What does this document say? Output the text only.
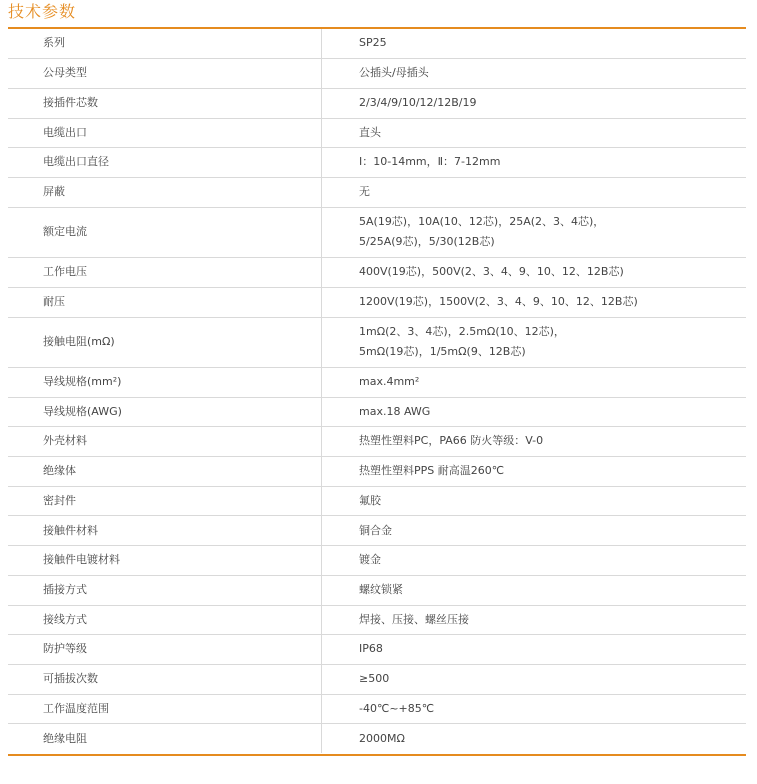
技术参数
系列	SP25

公母类型	公插头/母插头

接插件芯数	2/3/4/9/10/12/12B/19

电缆出口	直头

电缆出口直径	Ⅰ：10-14mm，Ⅱ：7-12mm

屏蔽	无

额定电流	5A(19芯)，10A(10、12芯)，25A(2、3、4芯)，
5/25A(9芯)，5/30(12B芯)

工作电压	400V(19芯)，500V(2、3、4、9、10、12、12B芯)

耐压	1200V(19芯)，1500V(2、3、4、9、10、12、12B芯)

接触电阻(mΩ)	1mΩ(2、3、4芯)，2.5mΩ(10、12芯)，
5mΩ(19芯)，1/5mΩ(9、12B芯)

导线规格(mm²)	max.4mm²

导线规格(AWG)	max.18 AWG

外壳材料	热塑性塑料PC，PA66 防火等级：V-0

绝缘体	热塑性塑料PPS 耐高温260℃

密封件	氟胶

接触件材料	铜合金

接触件电镀材料	镀金

插接方式	螺纹锁紧

接线方式	焊接、压接、螺丝压接

防护等级	IP68

可插拔次数	≥500

工作温度范围	-40℃~+85℃

绝缘电阻	2000MΩ
